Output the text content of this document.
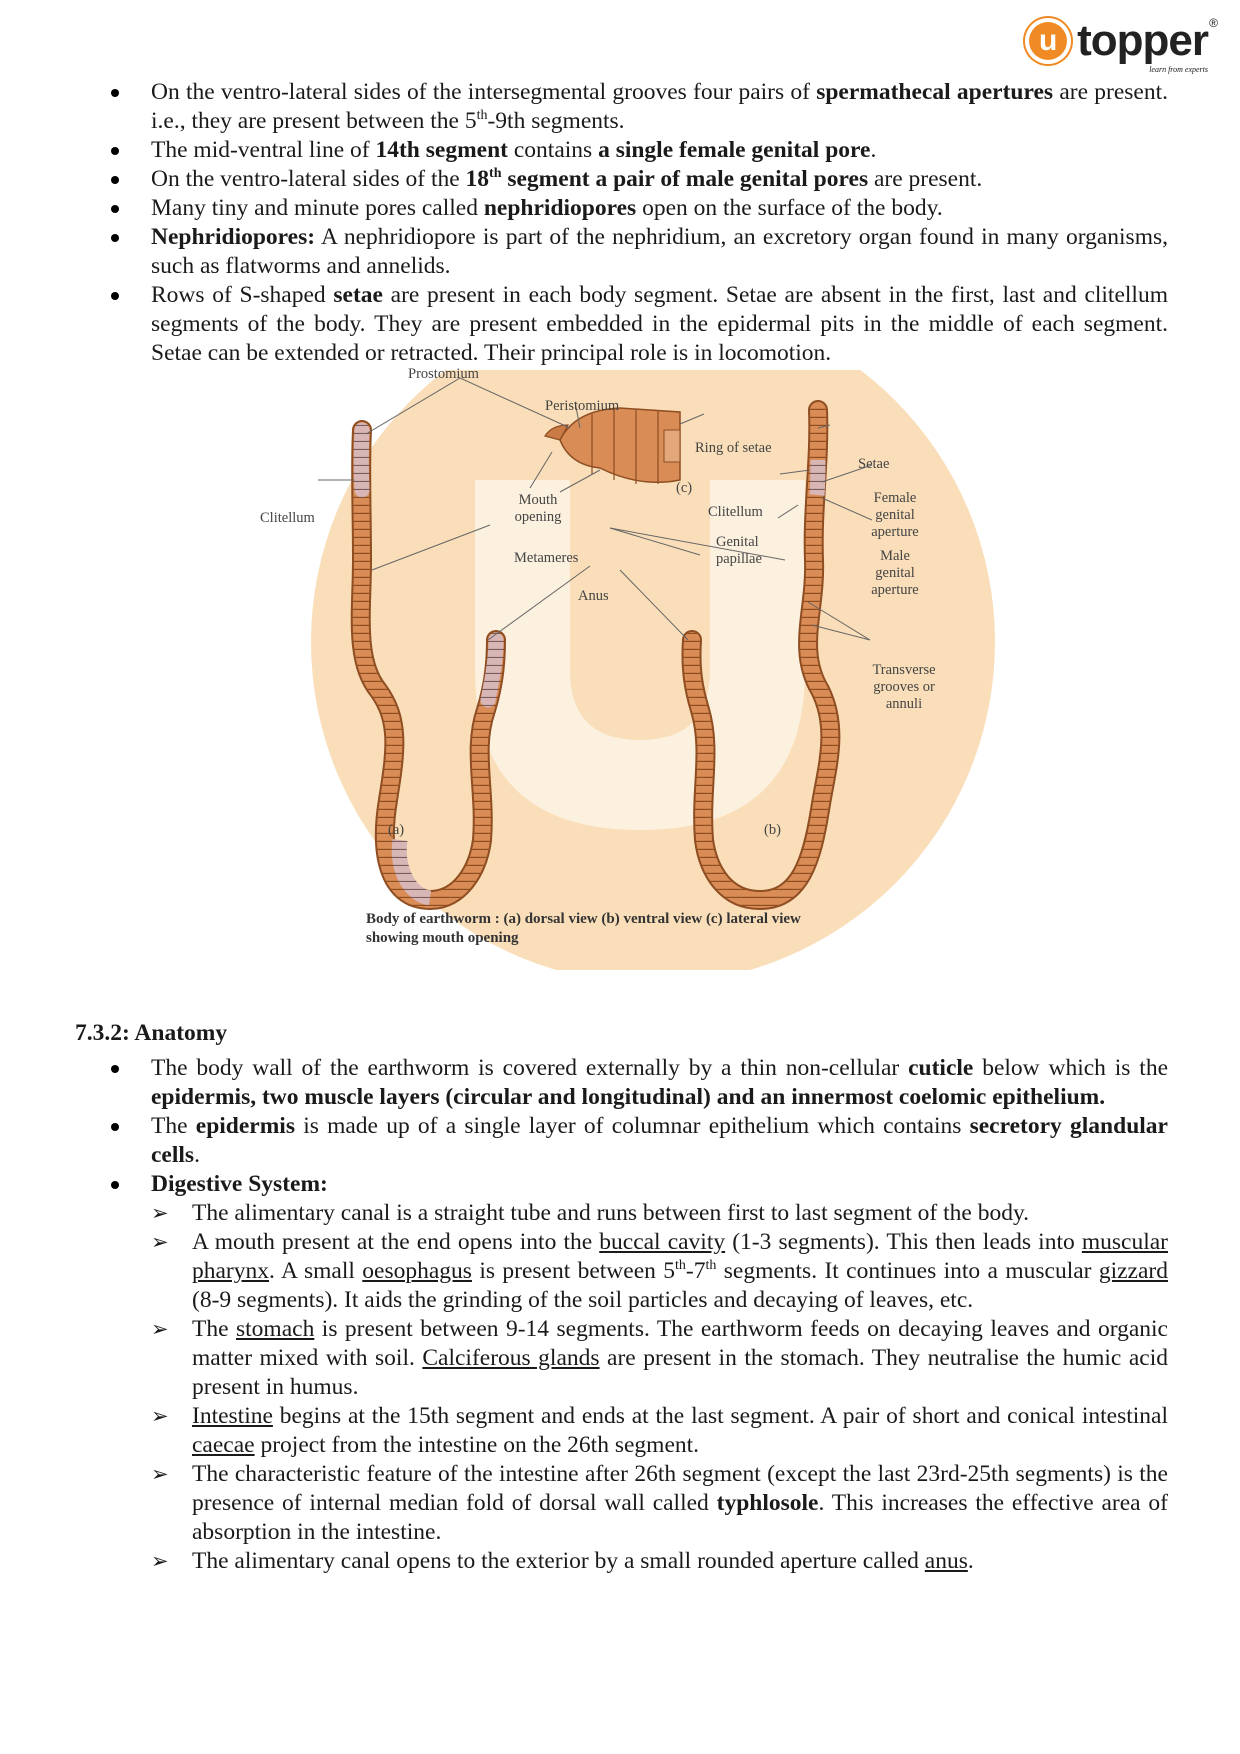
u topper ®
learn from experts
On the ventro-lateral sides of the intersegmental grooves four pairs of spermathecal apertures are present. i.e., they are present between the 5th-9th segments.
The mid-ventral line of 14th segment contains a single female genital pore.
On the ventro-lateral sides of the 18th segment a pair of male genital pores are present.
Many tiny and minute pores called nephridiopores open on the surface of the body.
Nephridiopores: A nephridiopore is part of the nephridium, an excretory organ found in many organisms, such as flatworms and annelids.
Rows of S-shaped setae are present in each body segment. Setae are absent in the first, last and clitellum segments of the body. They are present embedded in the epidermal pits in the middle of each segment. Setae can be extended or retracted. Their principal role is in locomotion.
Prostomium
Peristomium
Ring of setae
Setae
(c)
Clitellum
Mouth opening	Clitellum
Female genital aperture
Metameres
Genital papillae	Male genital aperture
Anus
Transverse grooves or annuli
(a)	(b)
Body of earthworm : (a) dorsal view (b) ventral view (c) lateral view
showing mouth opening
7.3.2: Anatomy
The body wall of the earthworm is covered externally by a thin non-cellular cuticle below which is the epidermis, two muscle layers (circular and longitudinal) and an innermost coelomic epithelium.
The epidermis is made up of a single layer of columnar epithelium which contains secretory glandular cells.
Digestive System:
➢ The alimentary canal is a straight tube and runs between first to last segment of the body.
➢ A mouth present at the end opens into the buccal cavity (1-3 segments). This then leads into muscular pharynx. A small oesophagus is present between 5th-7th segments. It continues into a muscular gizzard (8-9 segments). It aids the grinding of the soil particles and decaying of leaves, etc.
➢ The stomach is present between 9-14 segments. The earthworm feeds on decaying leaves and organic matter mixed with soil. Calciferous glands are present in the stomach. They neutralise the humic acid present in humus.
➢ Intestine begins at the 15th segment and ends at the last segment. A pair of short and conical intestinal caecae project from the intestine on the 26th segment.
➢ The characteristic feature of the intestine after 26th segment (except the last 23rd-25th segments) is the presence of internal median fold of dorsal wall called typhlosole. This increases the effective area of absorption in the intestine.
➢ The alimentary canal opens to the exterior by a small rounded aperture called anus.
